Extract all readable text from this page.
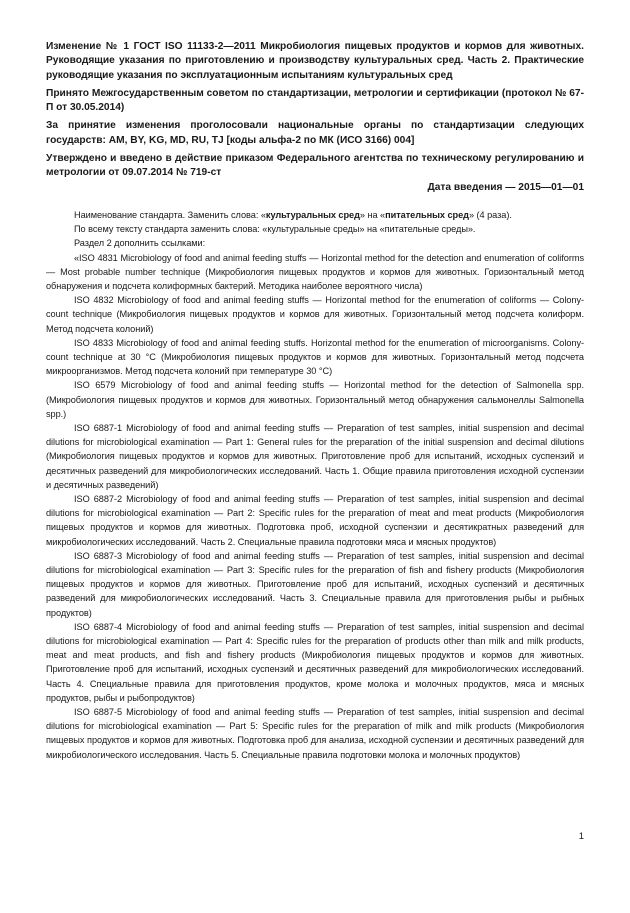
Изменение № 1 ГОСТ ISO 11133-2—2011 Микробиология пищевых продуктов и кормов для животных. Руководящие указания по приготовлению и производству культуральных сред. Часть 2. Практические руководящие указания по эксплуатационным испытаниям культуральных сред

Принято Межгосударственным советом по стандартизации, метрологии и сертификации (протокол № 67-П от 30.05.2014)

За принятие изменения проголосовали национальные органы по стандартизации следующих государств: AM, BY, KG, MD, RU, TJ [коды альфа-2 по МК (ИСО 3166) 004]

Утверждено и введено в действие приказом Федерального агентства по техническому регулированию и метрологии от 09.07.2014 № 719-ст

Дата введения — 2015—01—01

Наименование стандарта. Заменить слова: «культуральных сред» на «питательных сред» (4 раза).

По всему тексту стандарта заменить слова: «культуральные среды» на «питательные среды».

Раздел 2 дополнить ссылками:

«ISO 4831 Microbiology of food and animal feeding stuffs — Horizontal method for the detection and enumeration of coliforms — Most probable number technique (Микробиология пищевых продуктов и кормов для животных. Горизонтальный метод обнаружения и подсчета колиформных бактерий. Методика наиболее вероятного числа)

ISO 4832 Microbiology of food and animal feeding stuffs — Horizontal method for the enumeration of coliforms — Colony-count technique (Микробиология пищевых продуктов и кормов для животных. Горизонтальный метод подсчета колиформ. Метод подсчета колоний)

ISO 4833 Microbiology of food and animal feeding stuffs. Horizontal method for the enumeration of microorganisms. Colony-count technique at 30 °C (Микробиология пищевых продуктов и кормов для животных. Горизонтальный метод подсчета микроорганизмов. Метод подсчета колоний при температуре 30 °C)

ISO 6579 Microbiology of food and animal feeding stuffs — Horizontal method for the detection of Salmonella spp. (Микробиология пищевых продуктов и кормов для животных. Горизонтальный метод обнаружения сальмонеллы Salmonella spp.)

ISO 6887-1 Microbiology of food and animal feeding stuffs — Preparation of test samples, initial suspension and decimal dilutions for microbiological examination — Part 1: General rules for the preparation of the initial suspension and decimal dilutions (Микробиология пищевых продуктов и кормов для животных. Приготовление проб для испытаний, исходных суспензий и десятичных разведений для микробиологических исследований. Часть 1. Общие правила приготовления исходной суспензии и десятичных разведений)

ISO 6887-2 Microbiology of food and animal feeding stuffs — Preparation of test samples, initial suspension and decimal dilutions for microbiological examination — Part 2: Specific rules for the preparation of meat and meat products (Микробиология пищевых продуктов и кормов для животных. Подготовка проб, исходной суспензии и десятикратных разведений для микробиологических исследований. Часть 2. Специальные правила подготовки мяса и мясных продуктов)

ISO 6887-3 Microbiology of food and animal feeding stuffs — Preparation of test samples, initial suspension and decimal dilutions for microbiological examination — Part 3: Specific rules for the preparation of fish and fishery products (Микробиология пищевых продуктов и кормов для животных. Приготовление проб для испытаний, исходных суспензий и десятичных разведений для микробиологических исследований. Часть 3. Специальные правила для приготовления рыбы и рыбных продуктов)

ISO 6887-4 Microbiology of food and animal feeding stuffs — Preparation of test samples, initial suspension and decimal dilutions for microbiological examination — Part 4: Specific rules for the preparation of products other than milk and milk products, meat and meat products, and fish and fishery products (Микробиология пищевых продуктов и кормов для животных. Приготовление проб для испытаний, исходных суспензий и десятичных разведений для микробиологических исследований. Часть 4. Специальные правила для приготовления продуктов, кроме молока и молочных продуктов, мяса и мясных продуктов, рыбы и рыбопродуктов)

ISO 6887-5 Microbiology of food and animal feeding stuffs — Preparation of test samples, initial suspension and decimal dilutions for microbiological examination — Part 5: Specific rules for the preparation of milk and milk products (Микробиология пищевых продуктов и кормов для животных. Подготовка проб для анализа, исходной суспензии и десятичных разведений для микробиологического исследования. Часть 5. Специальные правила подготовки молока и молочных продуктов)

1
